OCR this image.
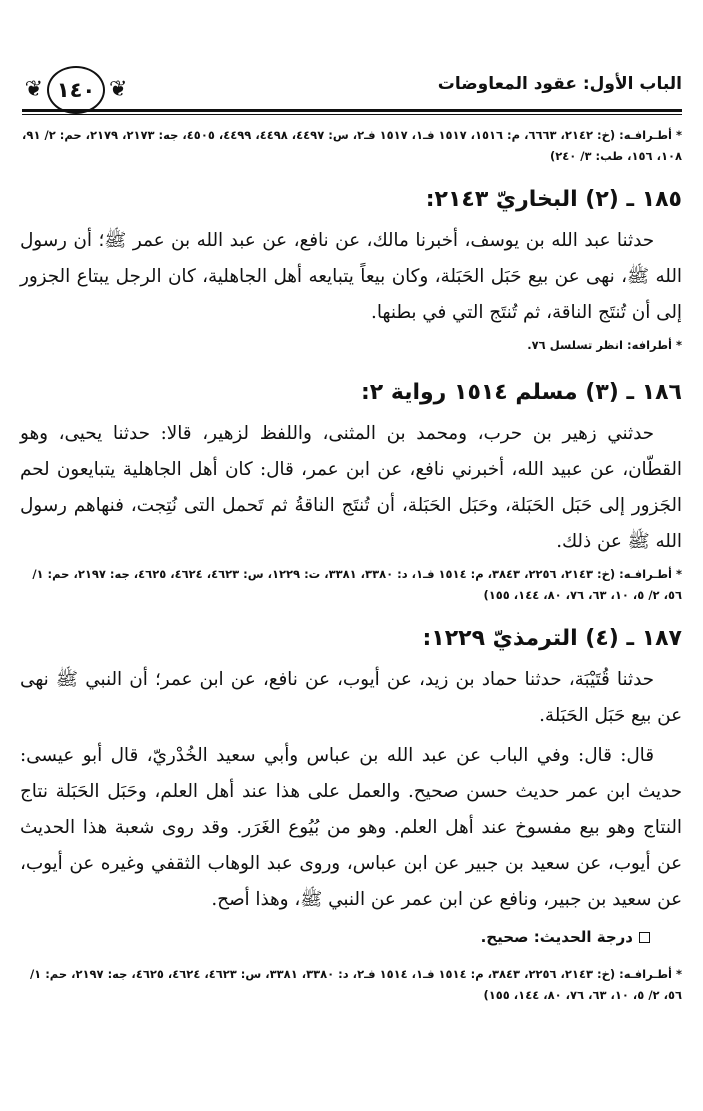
الباب الأول: عقود المعاوضات
❦
١٤٠
❦

* أطـرافـه: (خ: ٢١٤٢، ٦٦٦٣، م: ١٥١٦، ١٥١٧ فـ١، ١٥١٧ فـ٢، س: ٤٤٩٧، ٤٤٩٨، ٤٤٩٩، ٤٥٠٥، جه: ٢١٧٣، ٢١٧٩، حم: ٢/ ٩١، ١٠٨، ١٥٦، طب: ٣/ ٢٤٠)

١٨٥ ـ (٢) البخاريّ ٢١٤٣:

حدثنا عبد الله بن يوسف، أخبرنا مالك، عن نافع، عن عبد الله بن عمر ﷺ؛ أن رسول الله ﷺ، نهى عن بيع حَبَل الحَبَلة، وكان بيعاً يتبايعه أهل الجاهلية، كان الرجل يبتاع الجزور إلى أن تُنتَج الناقة، ثم تُنتَج التي في بطنها.

* أطرافه: انظر تسلسل ٧٦.

١٨٦ ـ (٣) مسلم ١٥١٤ رواية ٢:

حدثني زهير بن حرب، ومحمد بن المثنى، واللفظ لزهير، قالا: حدثنا يحيى، وهو القطّان، عن عبيد الله، أخبرني نافع، عن ابن عمر، قال: كان أهل الجاهلية يتبايعون لحم الجَزور إلى حَبَل الحَبَلة، وحَبَل الحَبَلة، أن تُنتَج الناقةُ ثم تَحمل التى نُتِجت، فنهاهم رسول الله ﷺ عن ذلك.

* أطـرافـه: (خ: ٢١٤٣، ٢٢٥٦، ٣٨٤٣، م: ١٥١٤ فـ١، د: ٣٣٨٠، ٣٣٨١، ت: ١٢٢٩، س: ٤٦٢٣، ٤٦٢٤، ٤٦٢٥، جه: ٢١٩٧، حم: ١/ ٥٦، ٢/ ٥، ١٠، ٦٣، ٧٦، ٨٠، ١٤٤، ١٥٥)

١٨٧ ـ (٤) الترمذيّ ١٢٢٩:

حدثنا قُتَيْبَة، حدثنا حماد بن زيد، عن أيوب، عن نافع، عن ابن عمر؛ أن النبي ﷺ نهى عن بيع حَبَل الحَبَلة.

قال: قال: وفي الباب عن عبد الله بن عباس وأبي سعيد الخُدْريّ، قال أبو عيسى: حديث ابن عمر حديث حسن صحيح. والعمل على هذا عند أهل العلم، وحَبَل الحَبَلة نتاج النتاج وهو بيع مفسوخ عند أهل العلم. وهو من بُيُوع الغَرَر. وقد روى شعبة هذا الحديث عن أيوب، عن سعيد بن جبير عن ابن عباس، وروى عبد الوهاب الثقفي وغيره عن أيوب، عن سعيد بن جبير، ونافع عن ابن عمر عن النبي ﷺ، وهذا أصح.

درجة الحديث: صحيح.

* أطـرافـه: (خ: ٢١٤٣، ٢٢٥٦، ٣٨٤٣، م: ١٥١٤ فـ١، ١٥١٤ فـ٢، د: ٣٣٨٠، ٣٣٨١، س: ٤٦٢٣، ٤٦٢٤، ٤٦٢٥، جه: ٢١٩٧، حم: ١/ ٥٦، ٢/ ٥، ١٠، ٦٣، ٧٦، ٨٠، ١٤٤، ١٥٥)
